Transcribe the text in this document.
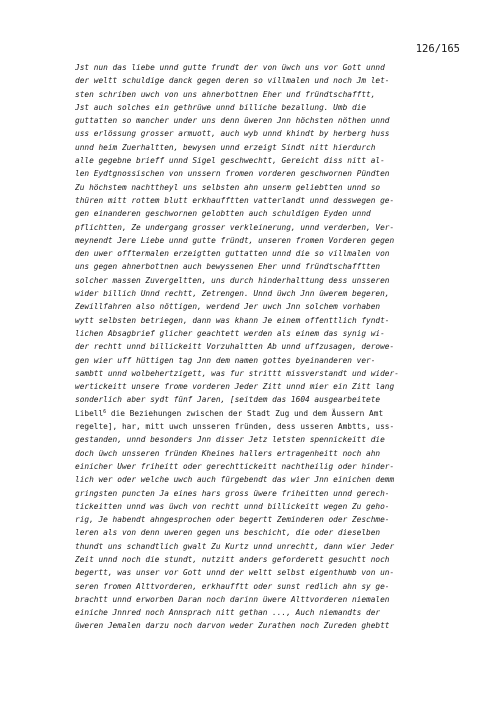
126/165
Jst nun das liebe unnd gutte frundt der von üwch uns vor Gott unnd
der weltt schuldige danck gegen deren so villmalen und noch Jm let-
sten schriben uwch von uns ahnerbottnen Eher und fründtschafftt,
Jst auch solches ein gethrüwe unnd billiche bezallung. Umb die
guttatten so mancher under uns denn üweren Jnn höchsten nöthen unnd
uss erlössung grosser armuott, auch wyb unnd khindt by herberg huss
unnd heim Zuerhaltten, bewysen unnd erzeigt Sindt nitt hierdurch
alle gegebne brieff unnd Sigel geschwechtt, Gereicht diss nitt al-
len Eydtgnossischen von unssern fromen vorderen geschwornen Pündten
Zu höchstem nachttheyl uns selbsten ahn unserm geliebtten unnd so
thüren mitt rottem blutt erkhaufftten vatterlandt unnd desswegen ge-
gen einanderen geschwornen gelobtten auch schuldigen Eyden unnd
pflichtten, Ze undergang grosser verkleinerung, unnd verderben, Ver-
meynendt Jere Liebe unnd gutte fründt, unseren fromen Vorderen gegen
den uwer offtermalen erzeigtten guttatten unnd die so villmalen von
uns gegen ahnerbottnen auch bewyssenen Eher unnd fründtschafftten
solcher massen Zuvergeltten, uns durch hinderhalttung dess unsseren
wider billich Unnd rechtt, Zetrengen. Unnd üwch Jnn üwerem begeren,
Zewillfahren also nöttigen, werdend Jer uwch Jnn solchem vorhaben
wytt selbsten betriegen, dann was khann Je einem offenttlich fyndt-
lichen Absagbrief glicher geachtett werden als einem das synig wi-
der rechtt unnd billickeitt Vorzuhaltten Ab unnd uffzusagen, derowe-
gen wier uff hüttigen tag Jnn dem namen gottes byeinanderen ver-
sambtt unnd wolbehertzigett, was fur strittt missverstandt und wider-
wertickeitt unsere frome vorderen Jeder Zitt unnd mier ein Zitt lang
sonderlich aber sydt fünf Jaren, [seitdem das 1604 ausgearbeitete
Libell$^6$ die Beziehungen zwischen der Stadt Zug und dem Äussern Amt
regelte], har, mitt uwch unsseren fründen, dess usseren Ambtts, uss-
gestanden, unnd besonders Jnn disser Jetz letsten spennickeitt die
doch üwch unsseren fründen Kheines hallers ertragenheitt noch ahn
einicher Uwer friheitt oder gerechttickeitt nachtheilig oder hinder-
lich wer oder welche uwch auch fürgebendt das wier Jnn einichen demm
gringsten puncten Ja eines hars gross üwere friheitten unnd gerech-
tickeitten unnd was üwch von rechtt unnd billickeitt wegen Zu geho-
rig, Je habendt ahngesprochen oder begertt Zeminderen oder Zeschme-
leren als von denn uweren gegen uns beschicht, die oder dieselben
thundt uns schandtlich gwalt Zu Kurtz unnd unrechtt, dann wier Jeder
Zeit unnd noch die stundt, nutzitt anders geforderett gesuchtt noch
begertt, was unser vor Gott unnd der weltt selbst eigenthumb von un-
seren fromen Alttvorderen, erkhaufftt oder sunst redlich ahn sy ge-
brachtt unnd erworben Daran noch darinn üwere Alttvorderen niemalen
einiche Jnnred noch Annsprach nitt gethan ..., Auch niemandts der
üweren Jemalen darzu noch darvon weder Zurathen noch Zureden ghebtt
